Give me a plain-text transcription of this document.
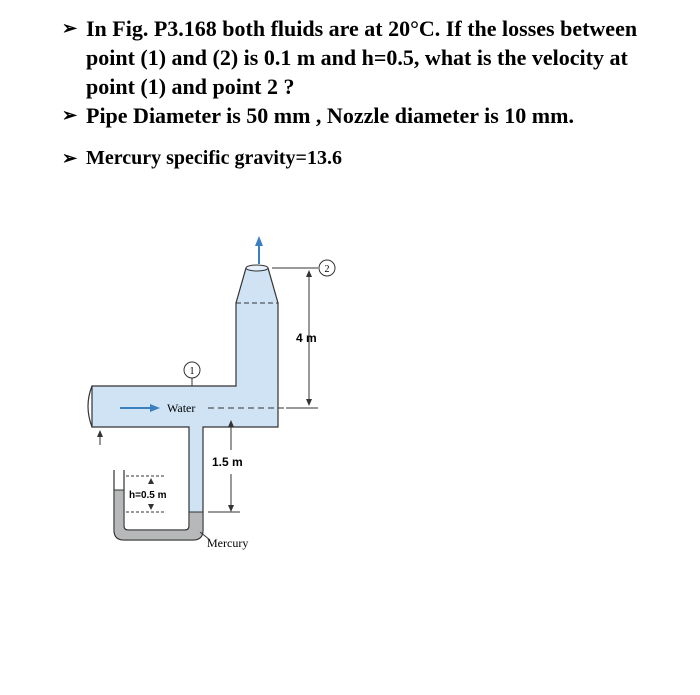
➢ In Fig. P3.168 both fluids are at 20°C. If the losses between point (1) and (2) is 0.1 m and h=0.5, what is the velocity at point (1) and point 2 ?
➢ Pipe Diameter is 50 mm , Nozzle diameter is 10 mm.
➢ Mercury specific gravity=13.6
1
2
Water
4 m
1.5 m
h=0.5 m
Mercury
